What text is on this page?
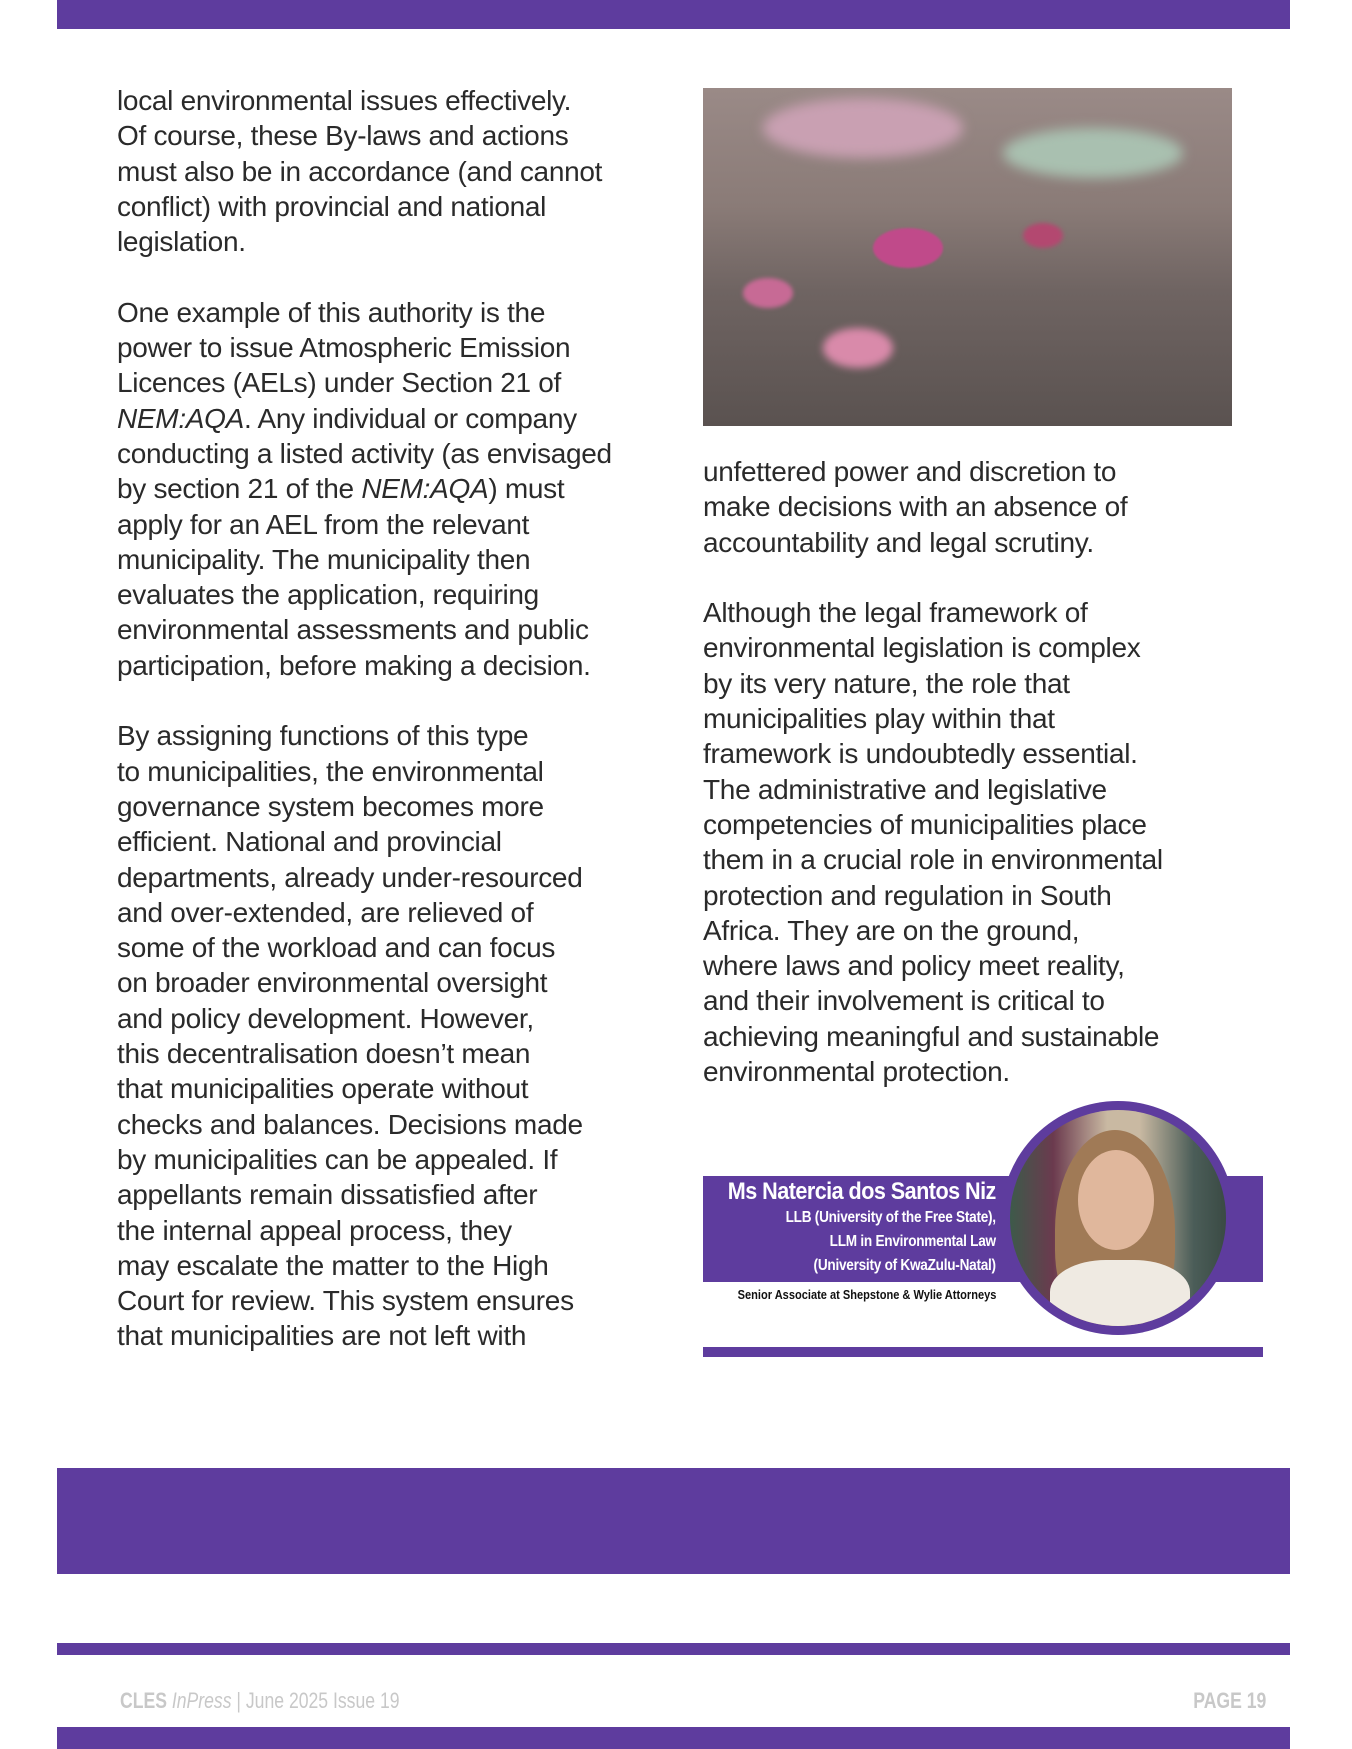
local environmental issues effectively.
Of course, these By-laws and actions
must also be in accordance (and cannot
conflict) with provincial and national
legislation.
One example of this authority is the
power to issue Atmospheric Emission
Licences (AELs) under Section 21 of
NEM:AQA. Any individual or company
conducting a listed activity (as envisaged
by section 21 of the NEM:AQA) must
apply for an AEL from the relevant
municipality. The municipality then
evaluates the application, requiring
environmental assessments and public
participation, before making a decision.
By assigning functions of this type
to municipalities, the environmental
governance system becomes more
efficient. National and provincial
departments, already under-resourced
and over-extended, are relieved of
some of the workload and can focus
on broader environmental oversight
and policy development. However,
this decentralisation doesn’t mean
that municipalities operate without
checks and balances. Decisions made
by municipalities can be appealed. If
appellants remain dissatisfied after
the internal appeal process, they
may escalate the matter to the High
Court for review. This system ensures
that municipalities are not left with
unfettered power and discretion to
make decisions with an absence of
accountability and legal scrutiny.
Although the legal framework of
environmental legislation is complex
by its very nature, the role that
municipalities play within that
framework is undoubtedly essential.
The administrative and legislative
competencies of municipalities place
them in a crucial role in environmental
protection and regulation in South
Africa. They are on the ground,
where laws and policy meet reality,
and their involvement is critical to
achieving meaningful and sustainable
environmental protection.
Ms Natercia dos Santos Niz
LLB (University of the Free State),
LLM in Environmental Law
(University of KwaZulu-Natal)
Senior Associate at Shepstone & Wylie Attorneys
CLES InPress | June 2025 Issue 19	PAGE 19
